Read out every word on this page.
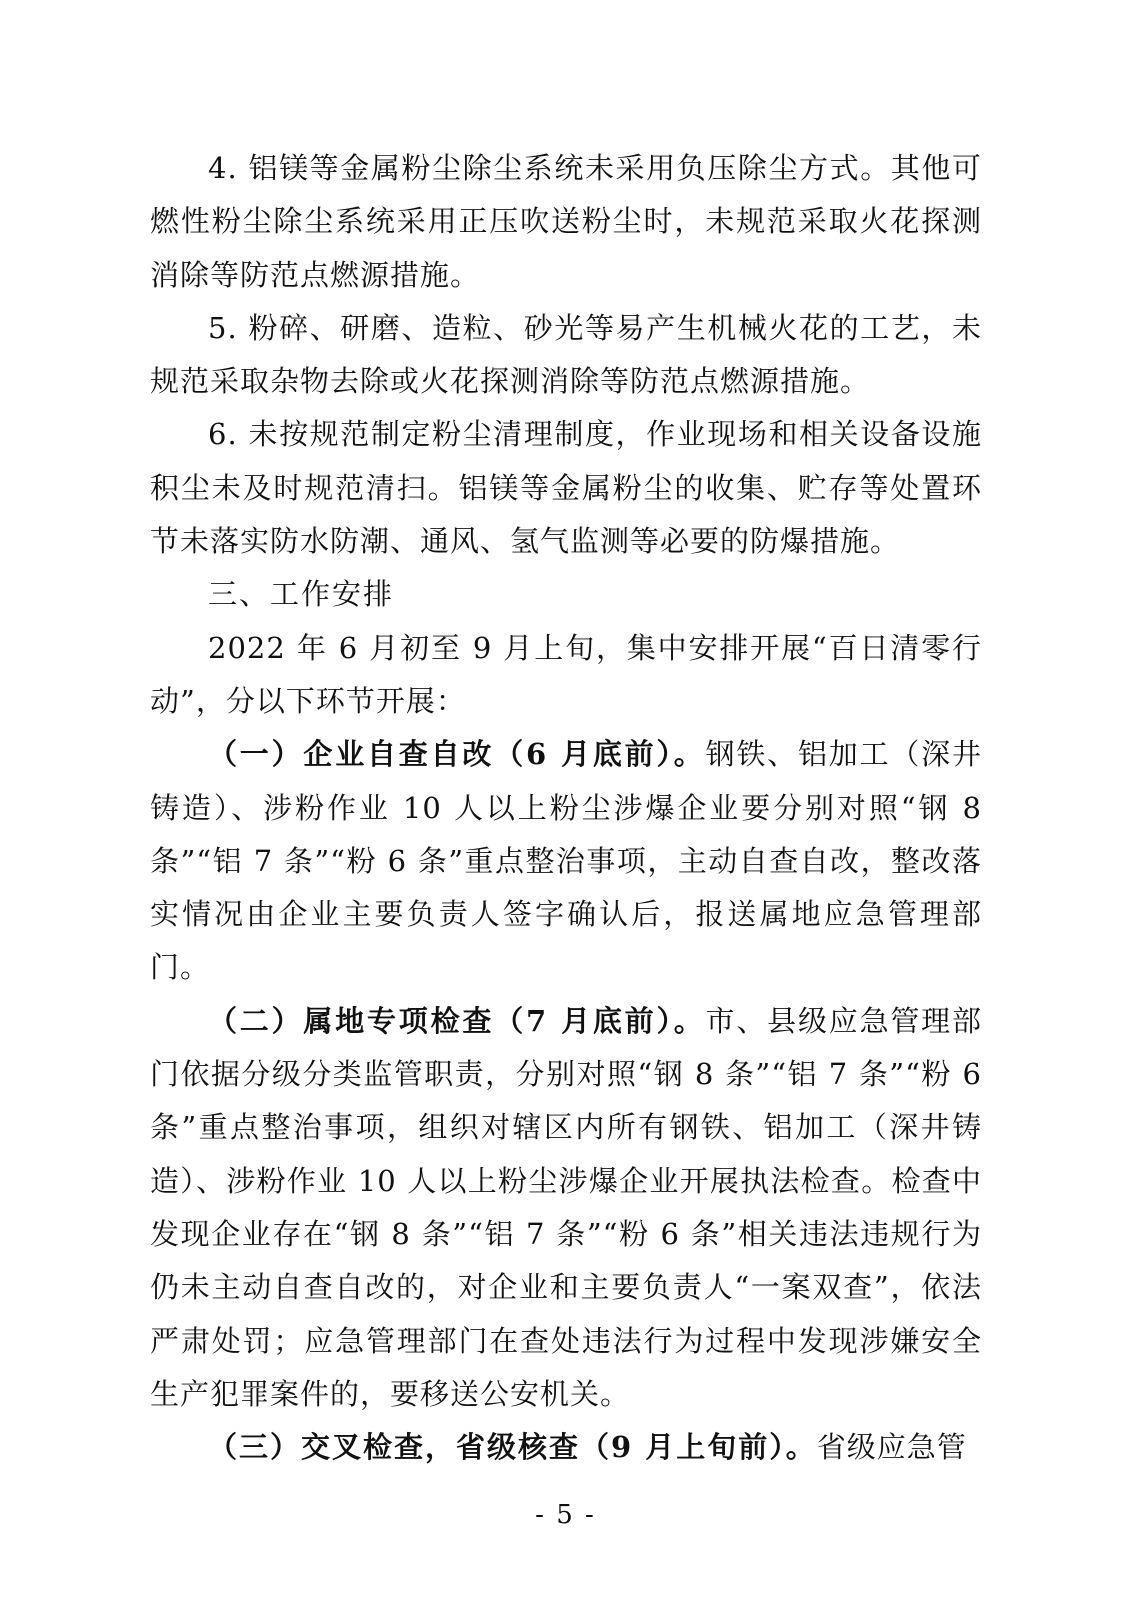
4. 铝镁等金属粉尘除尘系统未采用负压除尘方式。其他可燃性粉尘除尘系统采用正压吹送粉尘时，未规范采取火花探测消除等防范点燃源措施。

5. 粉碎、研磨、造粒、砂光等易产生机械火花的工艺，未规范采取杂物去除或火花探测消除等防范点燃源措施。

6. 未按规范制定粉尘清理制度，作业现场和相关设备设施积尘未及时规范清扫。铝镁等金属粉尘的收集、贮存等处置环节未落实防水防潮、通风、氢气监测等必要的防爆措施。

三、工作安排

2022 年 6 月初至 9 月上旬，集中安排开展“百日清零行动”，分以下环节开展：

（一）企业自查自改（6 月底前）。钢铁、铝加工（深井铸造）、涉粉作业 10 人以上粉尘涉爆企业要分别对照“钢 8 条”“铝 7 条”“粉 6 条”重点整治事项，主动自查自改，整改落实情况由企业主要负责人签字确认后，报送属地应急管理部门。

（二）属地专项检查（7 月底前）。市、县级应急管理部门依据分级分类监管职责，分别对照“钢 8 条”“铝 7 条”“粉 6 条”重点整治事项，组织对辖区内所有钢铁、铝加工（深井铸造）、涉粉作业 10 人以上粉尘涉爆企业开展执法检查。检查中发现企业存在“钢 8 条”“铝 7 条”“粉 6 条”相关违法违规行为仍未主动自查自改的，对企业和主要负责人“一案双查”，依法严肃处罚；应急管理部门在查处违法行为过程中发现涉嫌安全生产犯罪案件的，要移送公安机关。

（三）交叉检查，省级核查（9 月上旬前）。省级应急管

- 5 -
